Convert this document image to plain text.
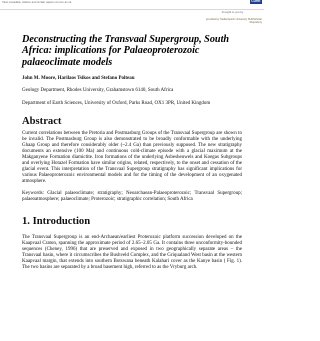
View metadata, citation and similar papers at core.ac.uk
brought to you by CORE
provided by Stellenbosch University SUNScholar Repository
Deconstructing the Transvaal Supergroup, South Africa: implications for Palaeoproterozoic palaeoclimate models
John M. Moore, Harilaos Tsikos and Stefano Polteau
Geology Department, Rhodes University, Grahamstown 6140, South Africa
Department of Earth Sciences, University of Oxford, Parks Road, OX1 3PR, United Kingdom
Abstract
Current correlations between the Pretoria and Postmasburg Groups of the Transvaal Supergroup are shown to be invalid. The Postmasburg Group is also demonstrated to be broadly conformable with the underlying Ghaap Group and therefore considerably older (~2.4 Ga) than previously supposed. The new stratigraphy documents an extensive (100 Ma) and continuous cold-climate episode with a glacial maximum at the Makganyene Formation diamictite. Iron formations of the underlying Asbesheuwels and Koegas Subgroups and overlying Hotazel Formation have similar origins, related, respectively, to the onset and cessation of the glacial event. This interpretation of the Transvaal Supergroup stratigraphy has significant implications for various Palaeoproterozoic environmental models and for the timing of the development of an oxygenated atmosphere.
Keywords: Glacial palaeoclimate; stratigraphy; Neoarchaean-Palaeoproterozoic; Transvaal Supergroup; palaeoatmosphere; palaeoclimate; Proterozoic; stratigraphic correlation; South Africa
1. Introduction
The Transvaal Supergroup is an end-Archaean/earliest Proterozoic platform succession developed on the Kaapvaal Craton, spanning the approximate period of 2.65–2.05 Ga. It contains three unconformity-bounded sequences (Cheney, 1996) that are preserved and exposed in two geographically separate areas – the Transvaal basin, where it circumscribes the Bushveld Complex, and the Griqualand West basin at the western Kaapvaal margin, that extends into southern Botswana beneath Kalahari cover as the Kanye basin ( Fig. 1). The two basins are separated by a broad basement high, referred to as the Vryburg arch.
